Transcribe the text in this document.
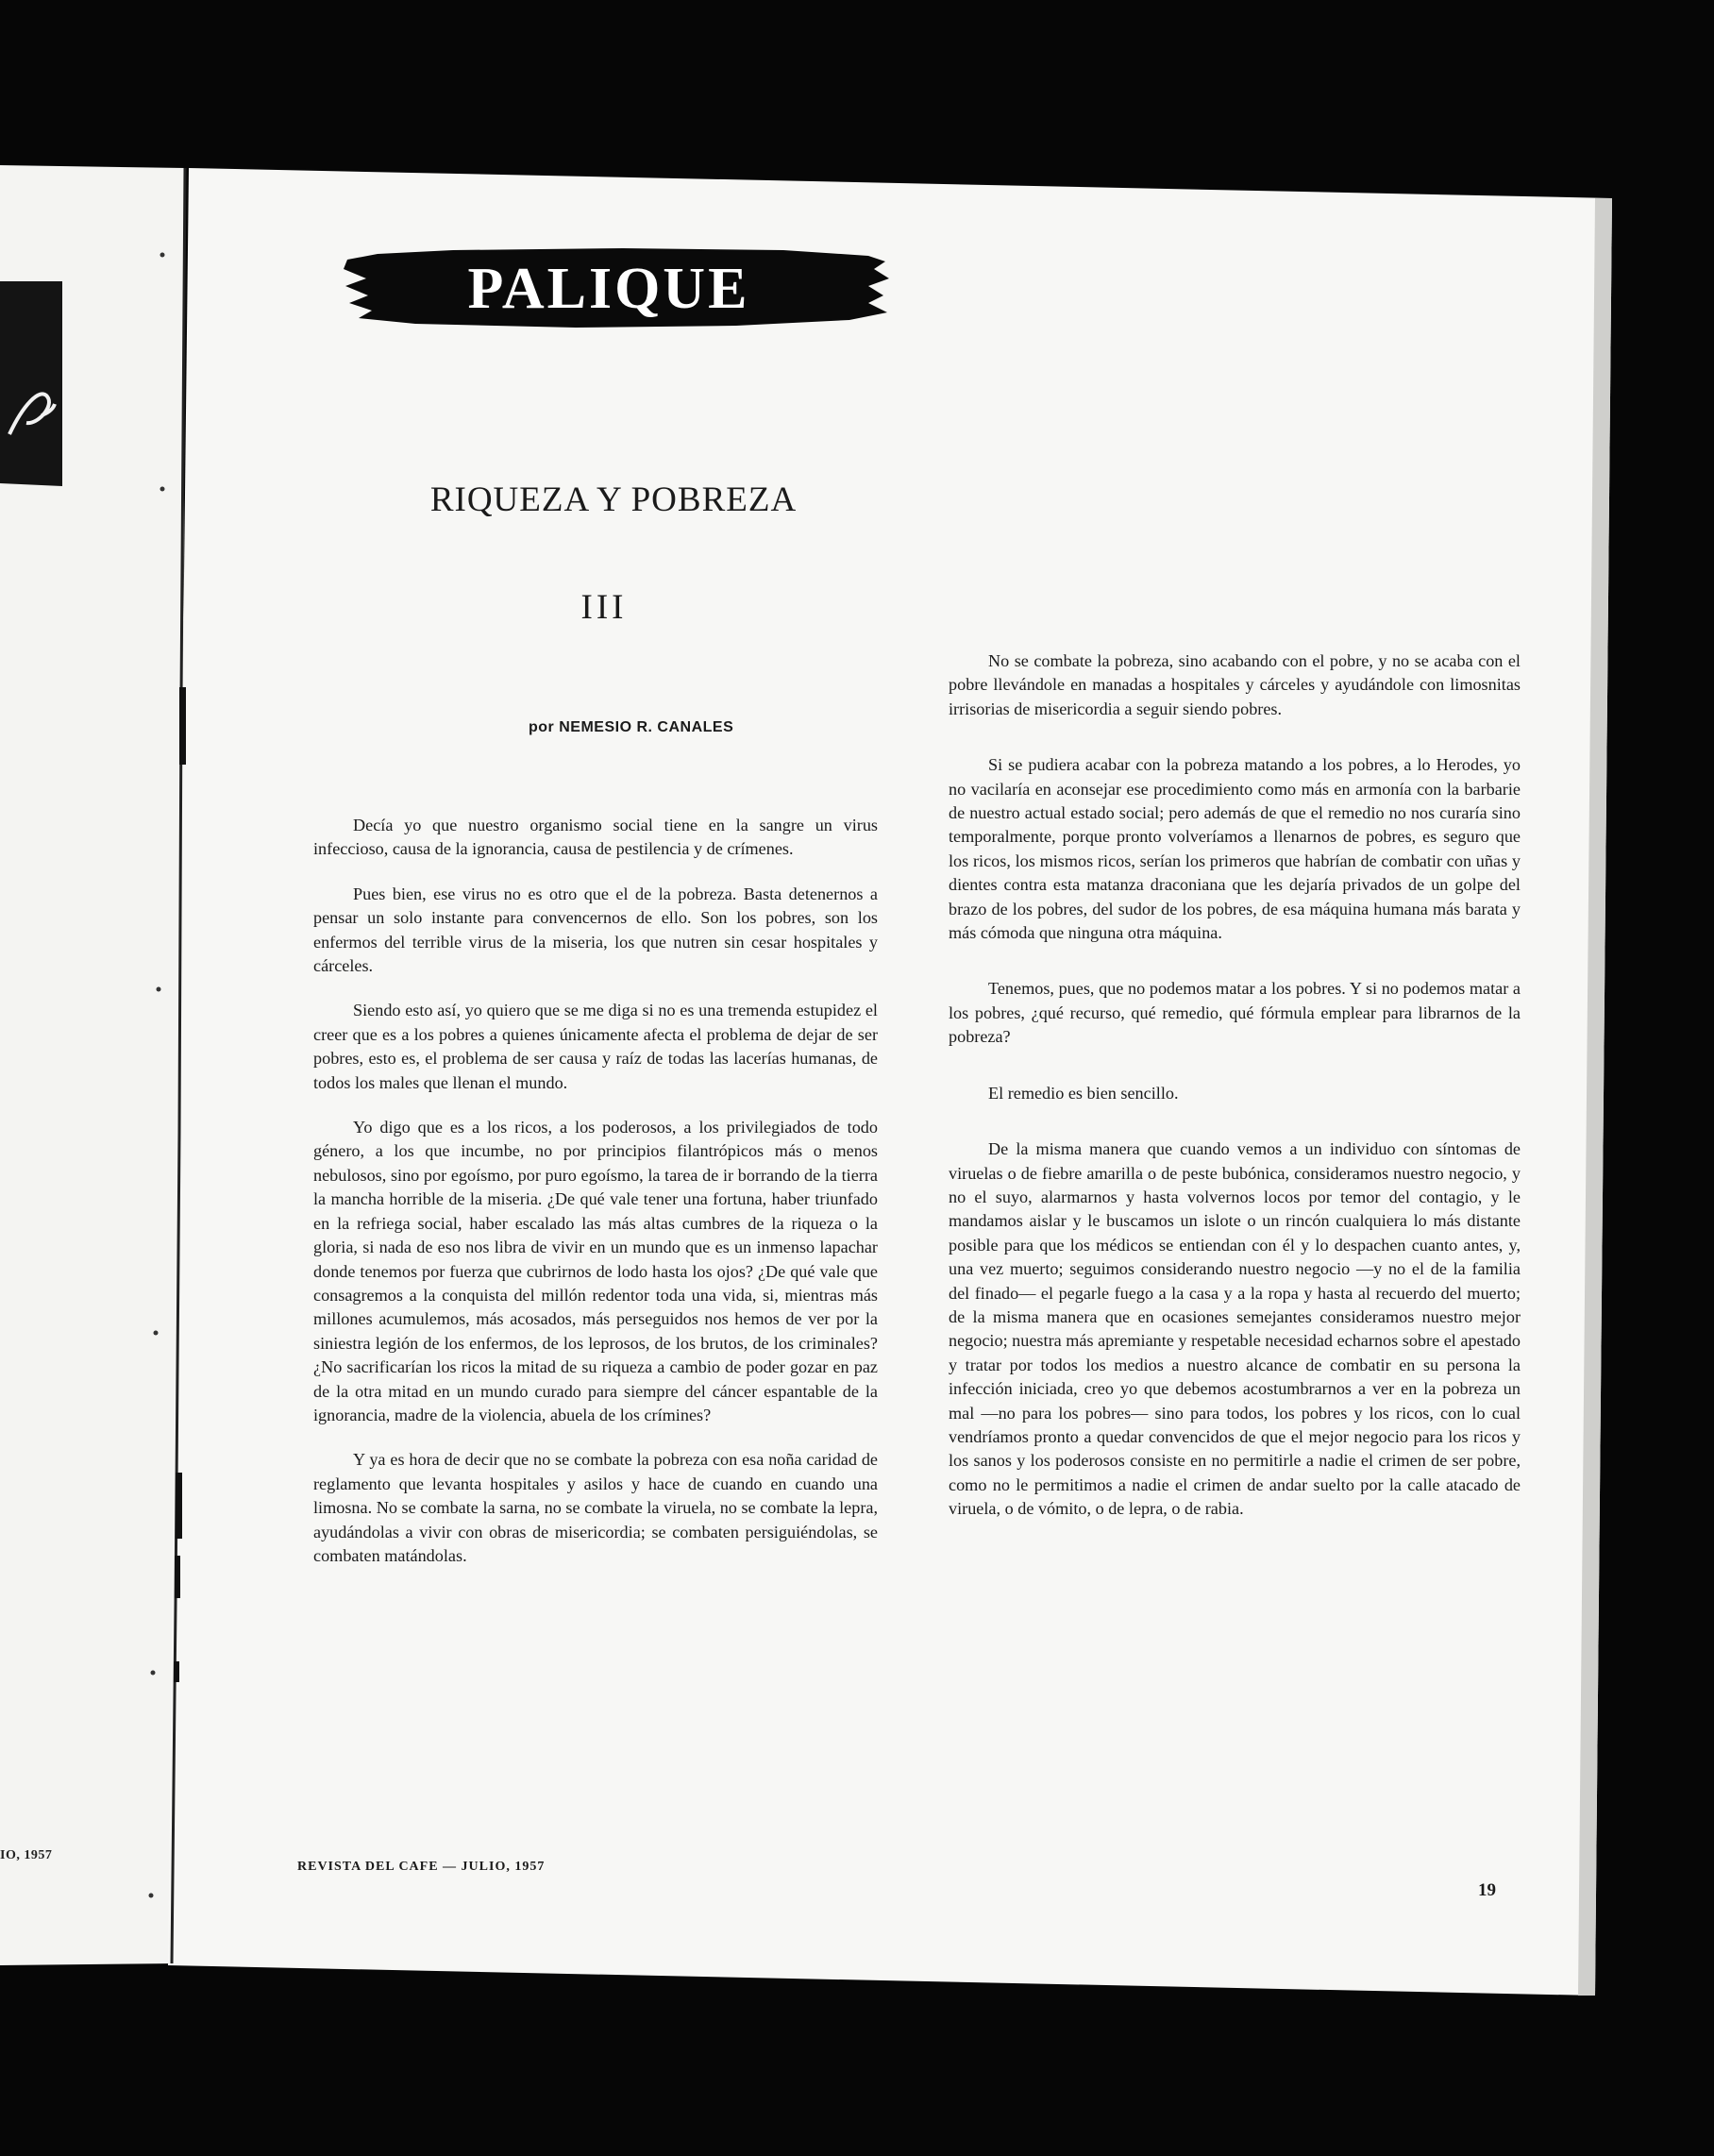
IO, 1957
PALIQUE
RIQUEZA Y POBREZA
III
por NEMESIO R. CANALES

Decía yo que nuestro organismo social tiene en la sangre un virus infeccioso, causa de la ignorancia, causa de pestilencia y de crímenes.

Pues bien, ese virus no es otro que el de la pobreza. Basta detenernos a pensar un solo instante para convencernos de ello. Son los pobres, son los enfermos del terrible virus de la miseria, los que nutren sin cesar hospitales y cárceles.

Siendo esto así, yo quiero que se me diga si no es una tremenda estupidez el creer que es a los pobres a quienes únicamente afecta el problema de dejar de ser pobres, esto es, el problema de ser causa y raíz de todas las lacerías humanas, de todos los males que llenan el mundo.

Yo digo que es a los ricos, a los poderosos, a los privilegiados de todo género, a los que incumbe, no por principios filantrópicos más o menos nebulosos, sino por egoísmo, por puro egoísmo, la tarea de ir borrando de la tierra la mancha horrible de la miseria. ¿De qué vale tener una fortuna, haber triunfado en la refriega social, haber escalado las más altas cumbres de la riqueza o la gloria, si nada de eso nos libra de vivir en un mundo que es un inmenso lapachar donde tenemos por fuerza que cubrirnos de lodo hasta los ojos? ¿De qué vale que consagremos a la conquista del millón redentor toda una vida, si, mientras más millones acumulemos, más acosados, más perseguidos nos hemos de ver por la siniestra legión de los enfermos, de los leprosos, de los brutos, de los criminales? ¿No sacrificarían los ricos la mitad de su riqueza a cambio de poder gozar en paz de la otra mitad en un mundo curado para siempre del cáncer espantable de la ignorancia, madre de la violencia, abuela de los crímines?

Y ya es hora de decir que no se combate la pobreza con esa noña caridad de reglamento que levanta hospitales y asilos y hace de cuando en cuando una limosna. No se combate la sarna, no se combate la viruela, no se combate la lepra, ayudándolas a vivir con obras de misericordia; se combaten persiguiéndolas, se combaten matándolas.

No se combate la pobreza, sino acabando con el pobre, y no se acaba con el pobre llevándole en manadas a hospitales y cárceles y ayudándole con limosnitas irrisorias de misericordia a seguir siendo pobres.

Si se pudiera acabar con la pobreza matando a los pobres, a lo Herodes, yo no vacilaría en aconsejar ese procedimiento como más en armonía con la barbarie de nuestro actual estado social; pero además de que el remedio no nos curaría sino temporalmente, porque pronto volveríamos a llenarnos de pobres, es seguro que los ricos, los mismos ricos, serían los primeros que habrían de combatir con uñas y dientes contra esta matanza draconiana que les dejaría privados de un golpe del brazo de los pobres, del sudor de los pobres, de esa máquina humana más barata y más cómoda que ninguna otra máquina.

Tenemos, pues, que no podemos matar a los pobres. Y si no podemos matar a los pobres, ¿qué recurso, qué remedio, qué fórmula emplear para librarnos de la pobreza?

El remedio es bien sencillo.

De la misma manera que cuando vemos a un individuo con síntomas de viruelas o de fiebre amarilla o de peste bubónica, consideramos nuestro negocio, y no el suyo, alarmarnos y hasta volvernos locos por temor del contagio, y le mandamos aislar y le buscamos un islote o un rincón cualquiera lo más distante posible para que los médicos se entiendan con él y lo despachen cuanto antes, y, una vez muerto; seguimos considerando nuestro negocio —y no el de la familia del finado— el pegarle fuego a la casa y a la ropa y hasta al recuerdo del muerto; de la misma manera que en ocasiones semejantes consideramos nuestro mejor negocio; nuestra más apremiante y respetable necesidad echarnos sobre el apestado y tratar por todos los medios a nuestro alcance de combatir en su persona la infección iniciada, creo yo que debemos acostumbrarnos a ver en la pobreza un mal —no para los pobres— sino para todos, los pobres y los ricos, con lo cual vendríamos pronto a quedar convencidos de que el mejor negocio para los ricos y los sanos y los poderosos consiste en no permitirle a nadie el crimen de ser pobre, como no le permitimos a nadie el crimen de andar suelto por la calle atacado de viruela, o de vómito, o de lepra, o de rabia.

REVISTA DEL CAFE — JULIO, 1957
19
